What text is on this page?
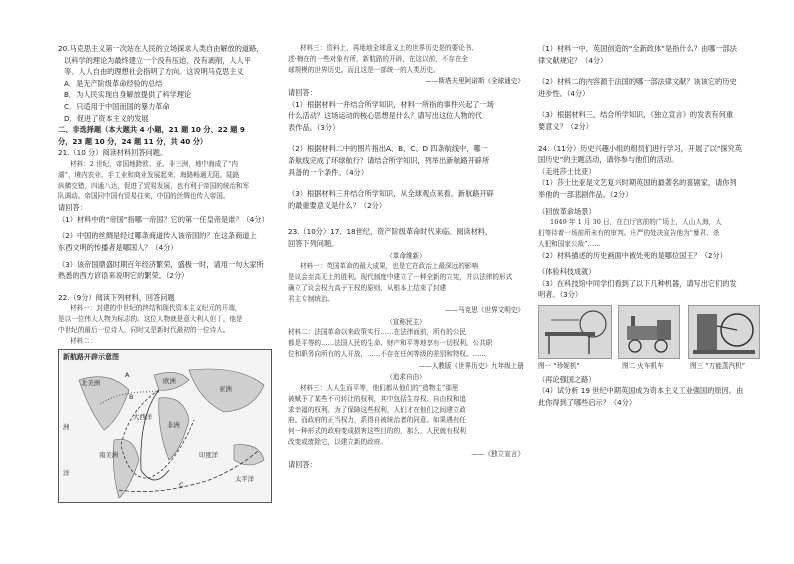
20.马克思主义第一次站在人民的立场探求人类自由解放的道路，

以科学的理论为最终建立一个没有压迫、没有剥削，人人平

等、人人自由的理想社会指明了方向。这说明马克思主义

A．是无产阶级革命经验的总结

B．为人民实现自身解放提供了科学理论

C．只适用于中国而国的暴力革命

D．促进了资本主义的发展

二、非选择题（本大题共 4 小题，21 题 10 分、22 题 9

分，23 题 10 分，24 题 11 分，共 40 分）

21.（10 分）阅读材料回答问题。

材料：2 世纪，帝国地跨欧、亚、非三洲，地中海成了“内

湖”，境内农业、手工业和商业发展起来，海路畅通无阻。陆路

纵横交错，四通八达，促进了贸易发展，也有利于帝国的统治和军

队调动。帝国同中国有贸易往来，中国的丝绸也传入帝国。

请回答：

（1）材料中的“帝国”指哪一帝国？它的第一任皇帝是谁？（4分）

（2）中国的丝绸是经过哪条商道传入该帝国的？在这条商道上

东西文明的传播者是哪国人？（4分）

（3）该帝国鼎盛时期百年经济繁荣，盛极一时，请用一句大家所

熟悉的西方谚语来说明它的繁荣。（2分）

22.（9分）阅读下列材料，回答问题

材料一：封建的中世纪的终结和现代资本主义纪元的开端，

是以一位伟大人物为标志的。这位人物就是意大利人但丁，他是

中世纪的最后一位诗人，同时又是新时代最初的一位诗人。

材料二：

新航路开辟示意图
北美洲	欧洲
亚洲
非洲
南美洲
大西洋
印度洋
太平洋
洲
洋
A
B
C

材料三：资料上，再地地全球意义上的世界历史是的要论书、

述·梅在的一些对象有所，新航路的开辟，在这以前，不存在全

球规模的世界历史。而且这是一部统一的人类历史。

——斯塔夫里阿诺斯《全球通史》

请回答：

（1）根据材料一并结合所学知识，材料一所指的事件兴起了一场

什么活动？这场运动的核心思想是什么？请写出这位人物的代

表作品。（3分）

（2）根据材料二中的图片指出A、B、C、D 四条航线中，哪一

条航线完成了环球航行？请结合所学知识，列举出新航路开辟所

具备的一个条件。（4分）

（3）根据材料三并结合所学知识，从全球观点来看，新航路开辟

的最重要意义是什么？（2分）

23.（10分）17、18世纪，资产阶级革命时代来临。阅读材料，

回答下列问题。

（革命维新）

材料一：英国革命的最大成果，也是它在政治上最深远的影响

是议会至高无上的胜利。现代制度中建立了一种全新的立宪，并以法律的形式

确立了议会权力高于王权的原则，从根本上结束了封建

君主专制统治。

——马克思《世界文明史》

（宣称民主）

材料二：法国革命以来政策实行……在法律面前，所有的公民

都是平等的……法国人民的生命、财产和平等地享有一切权利。公共职

位和职务向所有的人开放，……不存在任何等级的差别和特权。……

——人教版《世界历史》九年级上册

（追求自由）

材料三：人人生而平等，他们都从他们的“造物主”那里

被赋予了某些不可转让的权利，其中包括生存权、自由权和追

求幸福的权利。为了保障这些权利，人们才在他们之间建立政

府。而政府的正当权力，系得自被统治者的同意。如果遇有任

何一种形式的政府变成损害这些目的的，那么，人民就有权利

改变或废除它，以建立新的政府。

——《独立宣言》

请回答：

（1）材料一中，英国创造的“全新政体”是指什么？由哪一部法

律文献规定？（4分）

（2）材料二的内容源于法国的哪一部法律文献？该该它的历史

进步性。（4分）

（3）根据材料三，结合所学知识，《独立宣言》的发表有何重

要意义？（2分）

24.（11分）历史兴趣小组的组员们进行学习，开展了以“探究英

国历史”的主题活动，请你参与他们的活动。

（走进莎士比亚）

（1）莎士比亚是文艺复兴时期英国的最著名的喜剧家，请你列

举他的一部悲剧作品。（2分）

（回放革命场景）

1649 年 1 月 30 日，在白厅宫前的广场上，人山人海，人

们等待着一场前所未有的审判。庄严的处决宣告他为“暴君、杀

人犯和国家公敌”……

（2）材料描述的历史画面中被处死的是哪位国王？（2分）

（体验科技成就）

（3）在科技馆中同学们看到了以下几种机器，请写出它们的发

明者。（3分）

图一 “珍妮机”	图二 火车机车	图三 “万能蒸汽机”

（再论强国之路）

（4）试分析 19 世纪中期英国成为资本主义工业强国的原因。由

此你得到了哪些启示？（4分）
